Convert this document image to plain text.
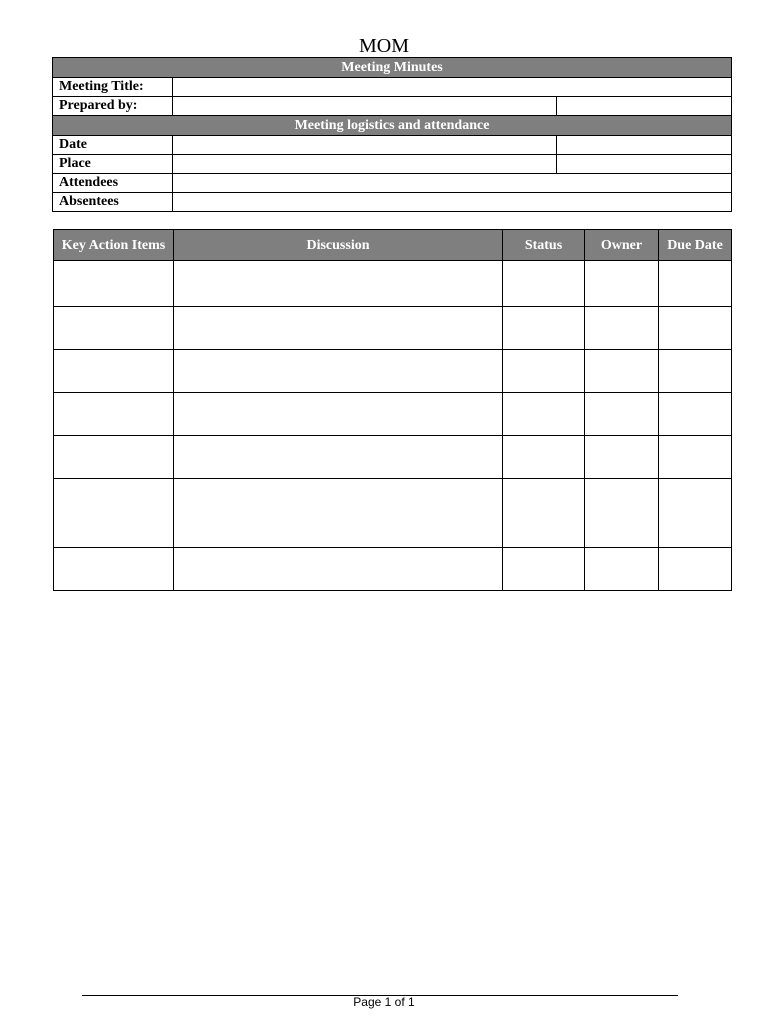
MOM
Meeting Minutes		
Meeting Title:		
Prepared by:		
Meeting logistics and attendance		
Date		
Place		
Attendees		
Absentees		
Key Action Items	Discussion	Status	Owner	Due Date

Page 1 of 1
